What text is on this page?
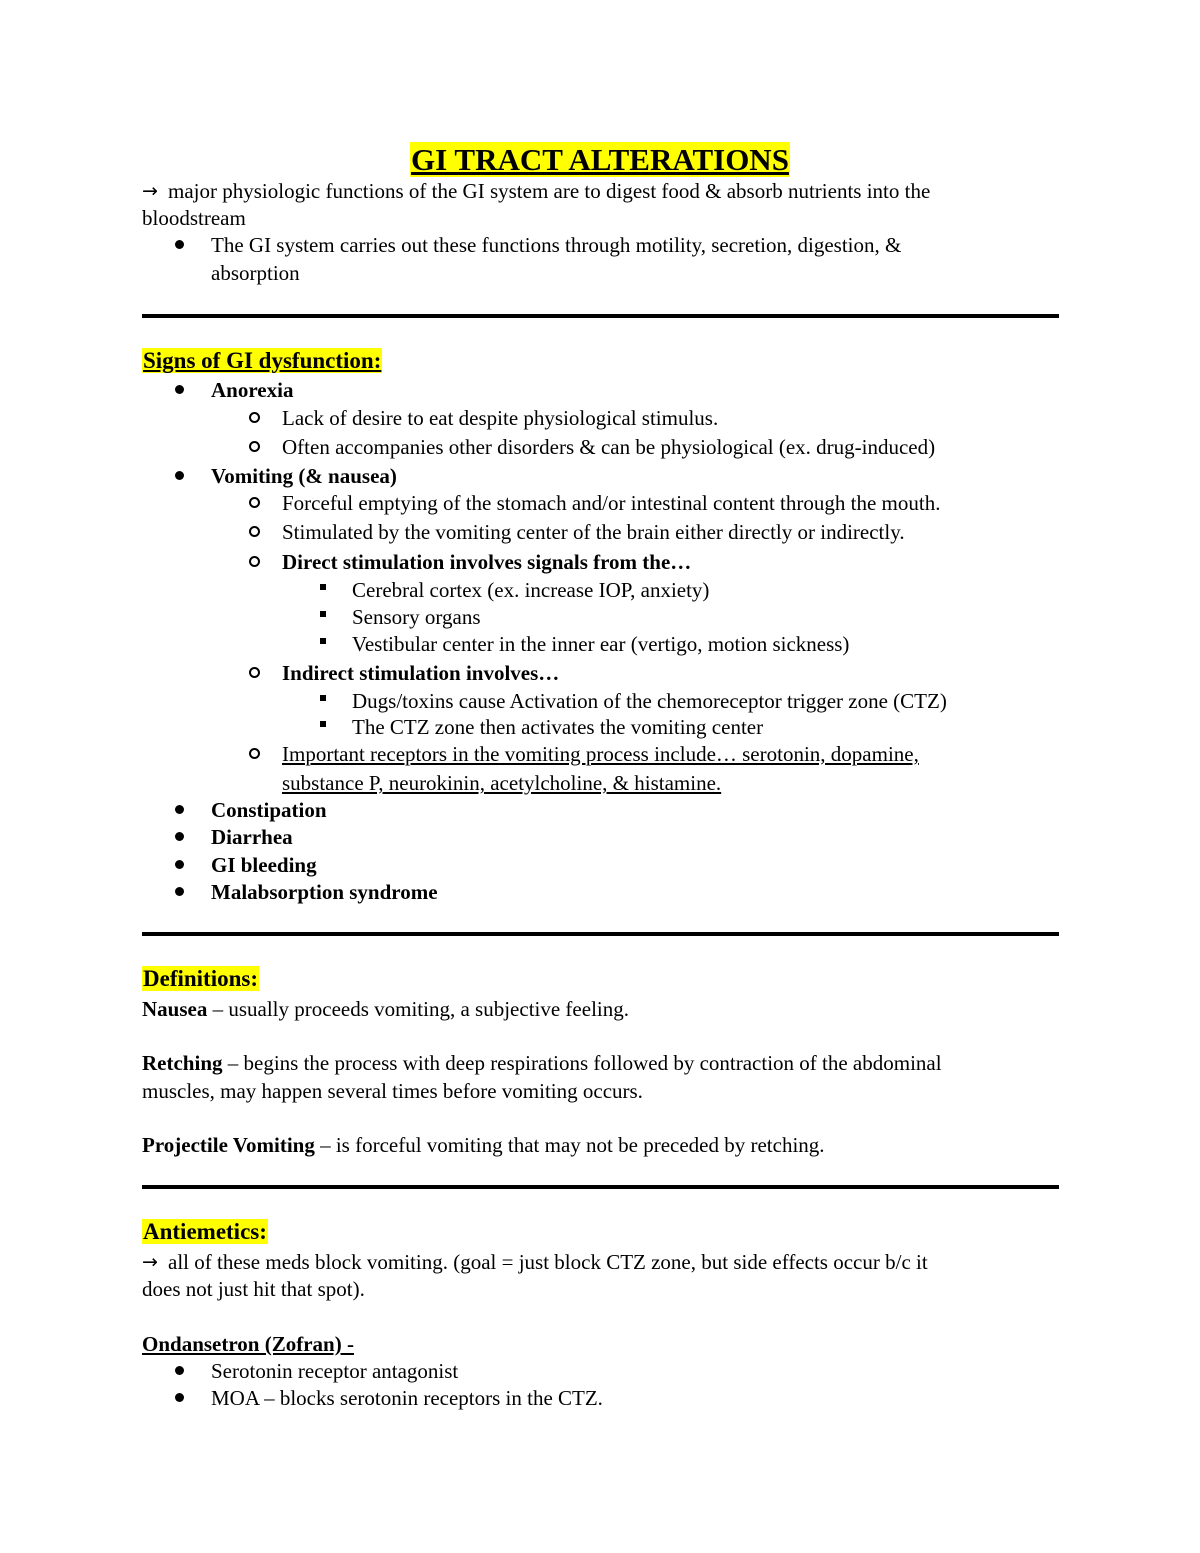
GI TRACT ALTERATIONS
→ major physiologic functions of the GI system are to digest food & absorb nutrients into the
bloodstream
The GI system carries out these functions through motility, secretion, digestion, &
absorption
Signs of GI dysfunction:
Anorexia
Lack of desire to eat despite physiological stimulus.
Often accompanies other disorders & can be physiological (ex. drug-induced)
Vomiting (& nausea)
Forceful emptying of the stomach and/or intestinal content through the mouth.
Stimulated by the vomiting center of the brain either directly or indirectly.
Direct stimulation involves signals from the…
Cerebral cortex (ex. increase IOP, anxiety)
Sensory organs
Vestibular center in the inner ear (vertigo, motion sickness)
Indirect stimulation involves…
Dugs/toxins cause Activation of the chemoreceptor trigger zone (CTZ)
The CTZ zone then activates the vomiting center
Important receptors in the vomiting process include… serotonin, dopamine,
substance P, neurokinin, acetylcholine, & histamine.
Constipation
Diarrhea
GI bleeding
Malabsorption syndrome
Definitions:
Nausea – usually proceeds vomiting, a subjective feeling.
Retching – begins the process with deep respirations followed by contraction of the abdominal
muscles, may happen several times before vomiting occurs.
Projectile Vomiting – is forceful vomiting that may not be preceded by retching.
Antiemetics:
→ all of these meds block vomiting. (goal = just block CTZ zone, but side effects occur b/c it
does not just hit that spot).
Ondansetron (Zofran) -
Serotonin receptor antagonist
MOA – blocks serotonin receptors in the CTZ.
